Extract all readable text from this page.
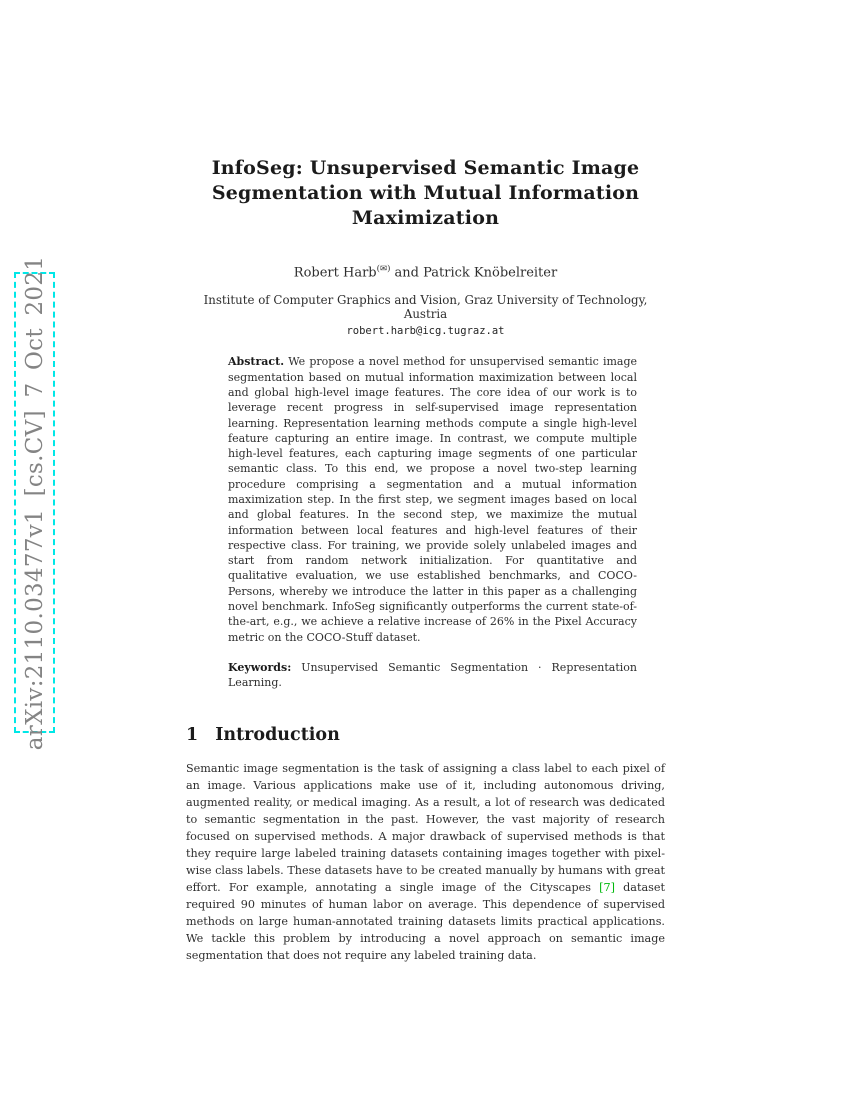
arXiv:2110.03477v1 [cs.CV] 7 Oct 2021
InfoSeg: Unsupervised Semantic Image
Segmentation with Mutual Information
Maximization
Robert Harb(✉) and Patrick Knöbelreiter
Institute of Computer Graphics and Vision, Graz University of Technology, Austria
robert.harb@icg.tugraz.at
Abstract. We propose a novel method for unsupervised semantic image segmentation based on mutual information maximization between local and global high-level image features. The core idea of our work is to leverage recent progress in self-supervised image representation learning. Representation learning methods compute a single high-level feature capturing an entire image. In contrast, we compute multiple high-level features, each capturing image segments of one particular semantic class. To this end, we propose a novel two-step learning procedure comprising a segmentation and a mutual information maximization step. In the first step, we segment images based on local and global features. In the second step, we maximize the mutual information between local features and high-level features of their respective class. For training, we provide solely unlabeled images and start from random network initialization. For quantitative and qualitative evaluation, we use established benchmarks, and COCO-Persons, whereby we introduce the latter in this paper as a challenging novel benchmark. InfoSeg significantly outperforms the current state-of-the-art, e.g., we achieve a relative increase of 26% in the Pixel Accuracy metric on the COCO-Stuff dataset.
Keywords: Unsupervised Semantic Segmentation · Representation Learning.
1 Introduction
Semantic image segmentation is the task of assigning a class label to each pixel of an image. Various applications make use of it, including autonomous driving, augmented reality, or medical imaging. As a result, a lot of research was dedicated to semantic segmentation in the past. However, the vast majority of research focused on supervised methods. A major drawback of supervised methods is that they require large labeled training datasets containing images together with pixel-wise class labels. These datasets have to be created manually by humans with great effort. For example, annotating a single image of the Cityscapes [7] dataset required 90 minutes of human labor on average. This dependence of supervised methods on large human-annotated training datasets limits practical applications. We tackle this problem by introducing a novel approach on semantic image segmentation that does not require any labeled training data.
